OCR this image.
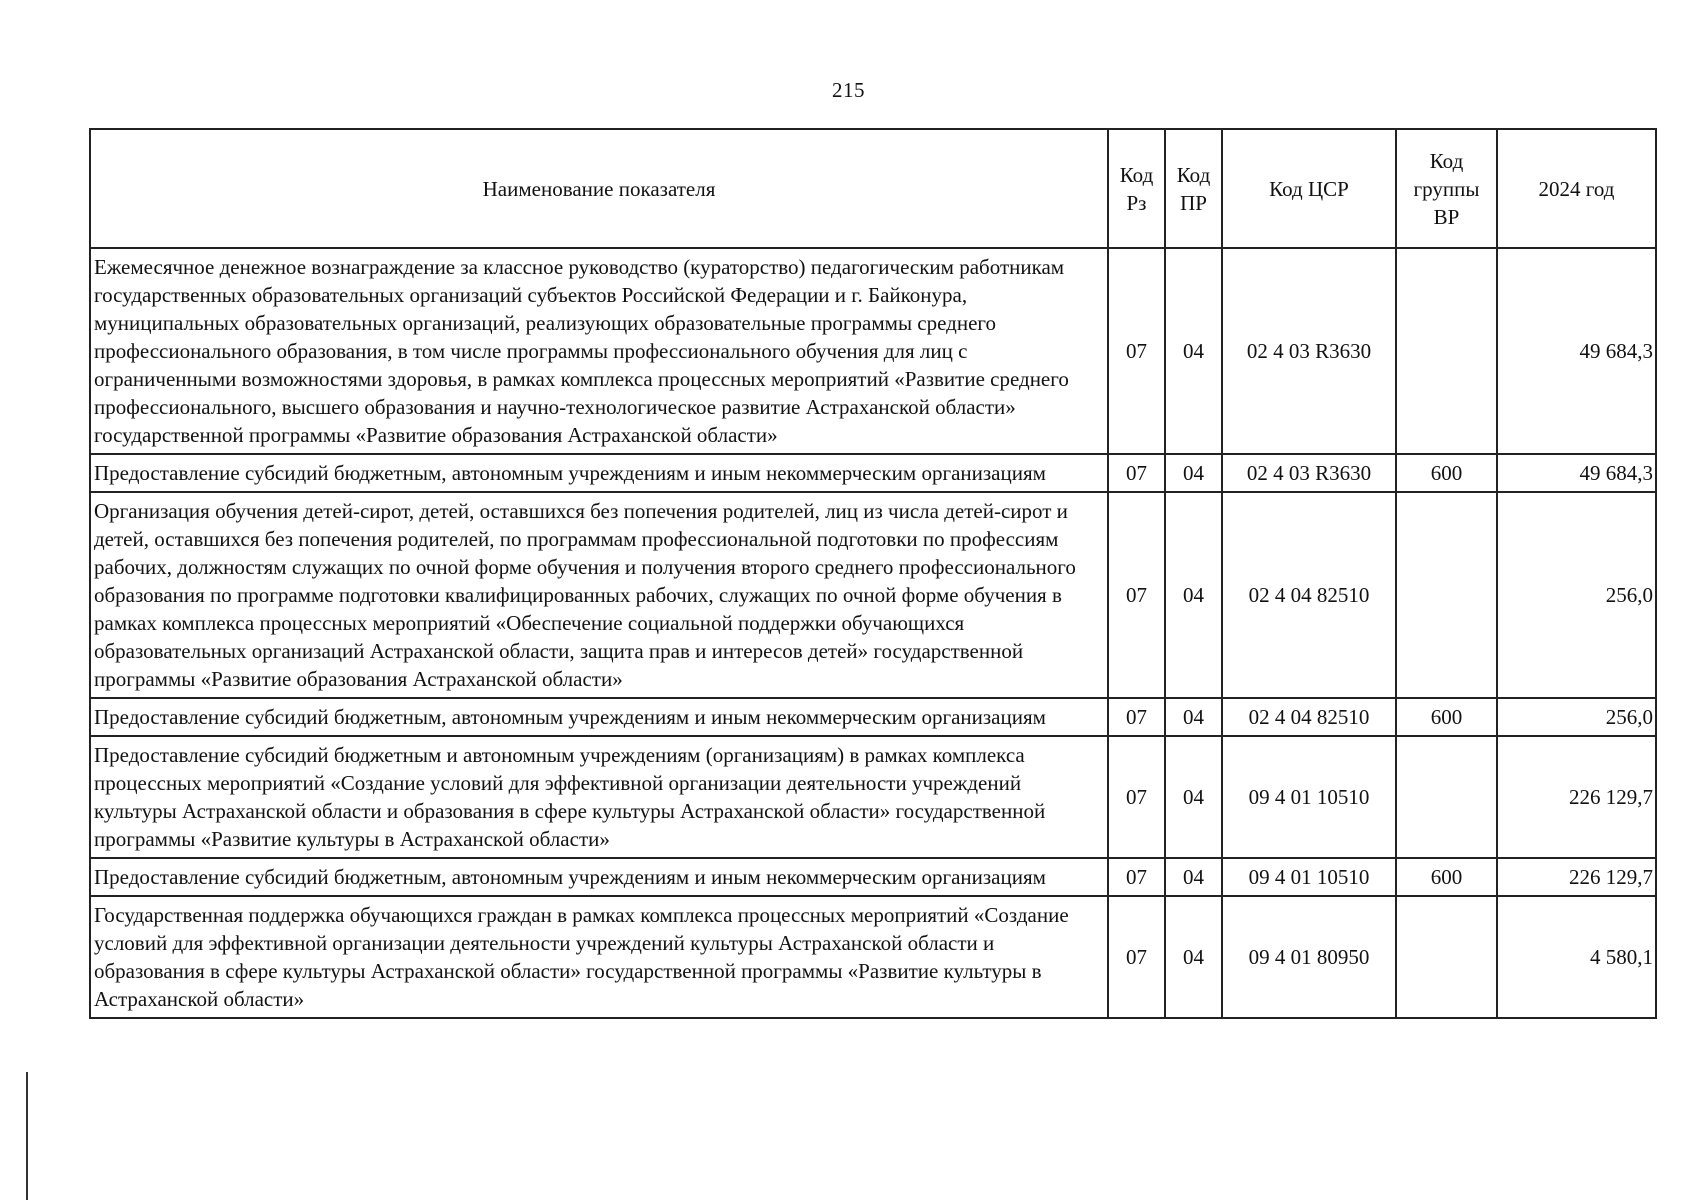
215
Наименование показателя	Код Рз	Код ПР	Код ЦСР	Код группы ВР	2024 год
Ежемесячное денежное вознаграждение за классное руководство (кураторство) педагогическим работникам государственных образовательных организаций субъектов Российской Федерации и г. Байконура, муниципальных образовательных организаций, реализующих образовательные программы среднего профессионального образования, в том числе программы профессионального обучения для лиц с ограниченными возможностями здоровья, в рамках комплекса процессных мероприятий «Развитие среднего профессионального, высшего образования и научно-технологическое развитие Астраханской области» государственной программы «Развитие образования Астраханской области»	07	04	02 4 03 R3630		49 684,3
Предоставление субсидий бюджетным, автономным учреждениям и иным некоммерческим организациям	07	04	02 4 03 R3630	600	49 684,3
Организация обучения детей-сирот, детей, оставшихся без попечения родителей, лиц из числа детей-сирот и детей, оставшихся без попечения родителей, по программам профессиональной подготовки по профессиям рабочих, должностям служащих по очной форме обучения и получения второго среднего профессионального образования по программе подготовки квалифицированных рабочих, служащих по очной форме обучения в рамках комплекса процессных мероприятий «Обеспечение социальной поддержки обучающихся образовательных организаций Астраханской области, защита прав и интересов детей» государственной программы «Развитие образования Астраханской области»	07	04	02 4 04 82510		256,0
Предоставление субсидий бюджетным, автономным учреждениям и иным некоммерческим организациям	07	04	02 4 04 82510	600	256,0
Предоставление субсидий бюджетным и автономным учреждениям (организациям) в рамках комплекса процессных мероприятий «Создание условий для эффективной организации деятельности учреждений культуры Астраханской области и образования в сфере культуры Астраханской области» государственной программы «Развитие культуры в Астраханской области»	07	04	09 4 01 10510		226 129,7
Предоставление субсидий бюджетным, автономным учреждениям и иным некоммерческим организациям	07	04	09 4 01 10510	600	226 129,7
Государственная поддержка обучающихся граждан в рамках комплекса процессных мероприятий «Создание условий для эффективной организации деятельности учреждений культуры Астраханской области и образования в сфере культуры Астраханской области» государственной программы «Развитие культуры в Астраханской области»	07	04	09 4 01 80950		4 580,1
